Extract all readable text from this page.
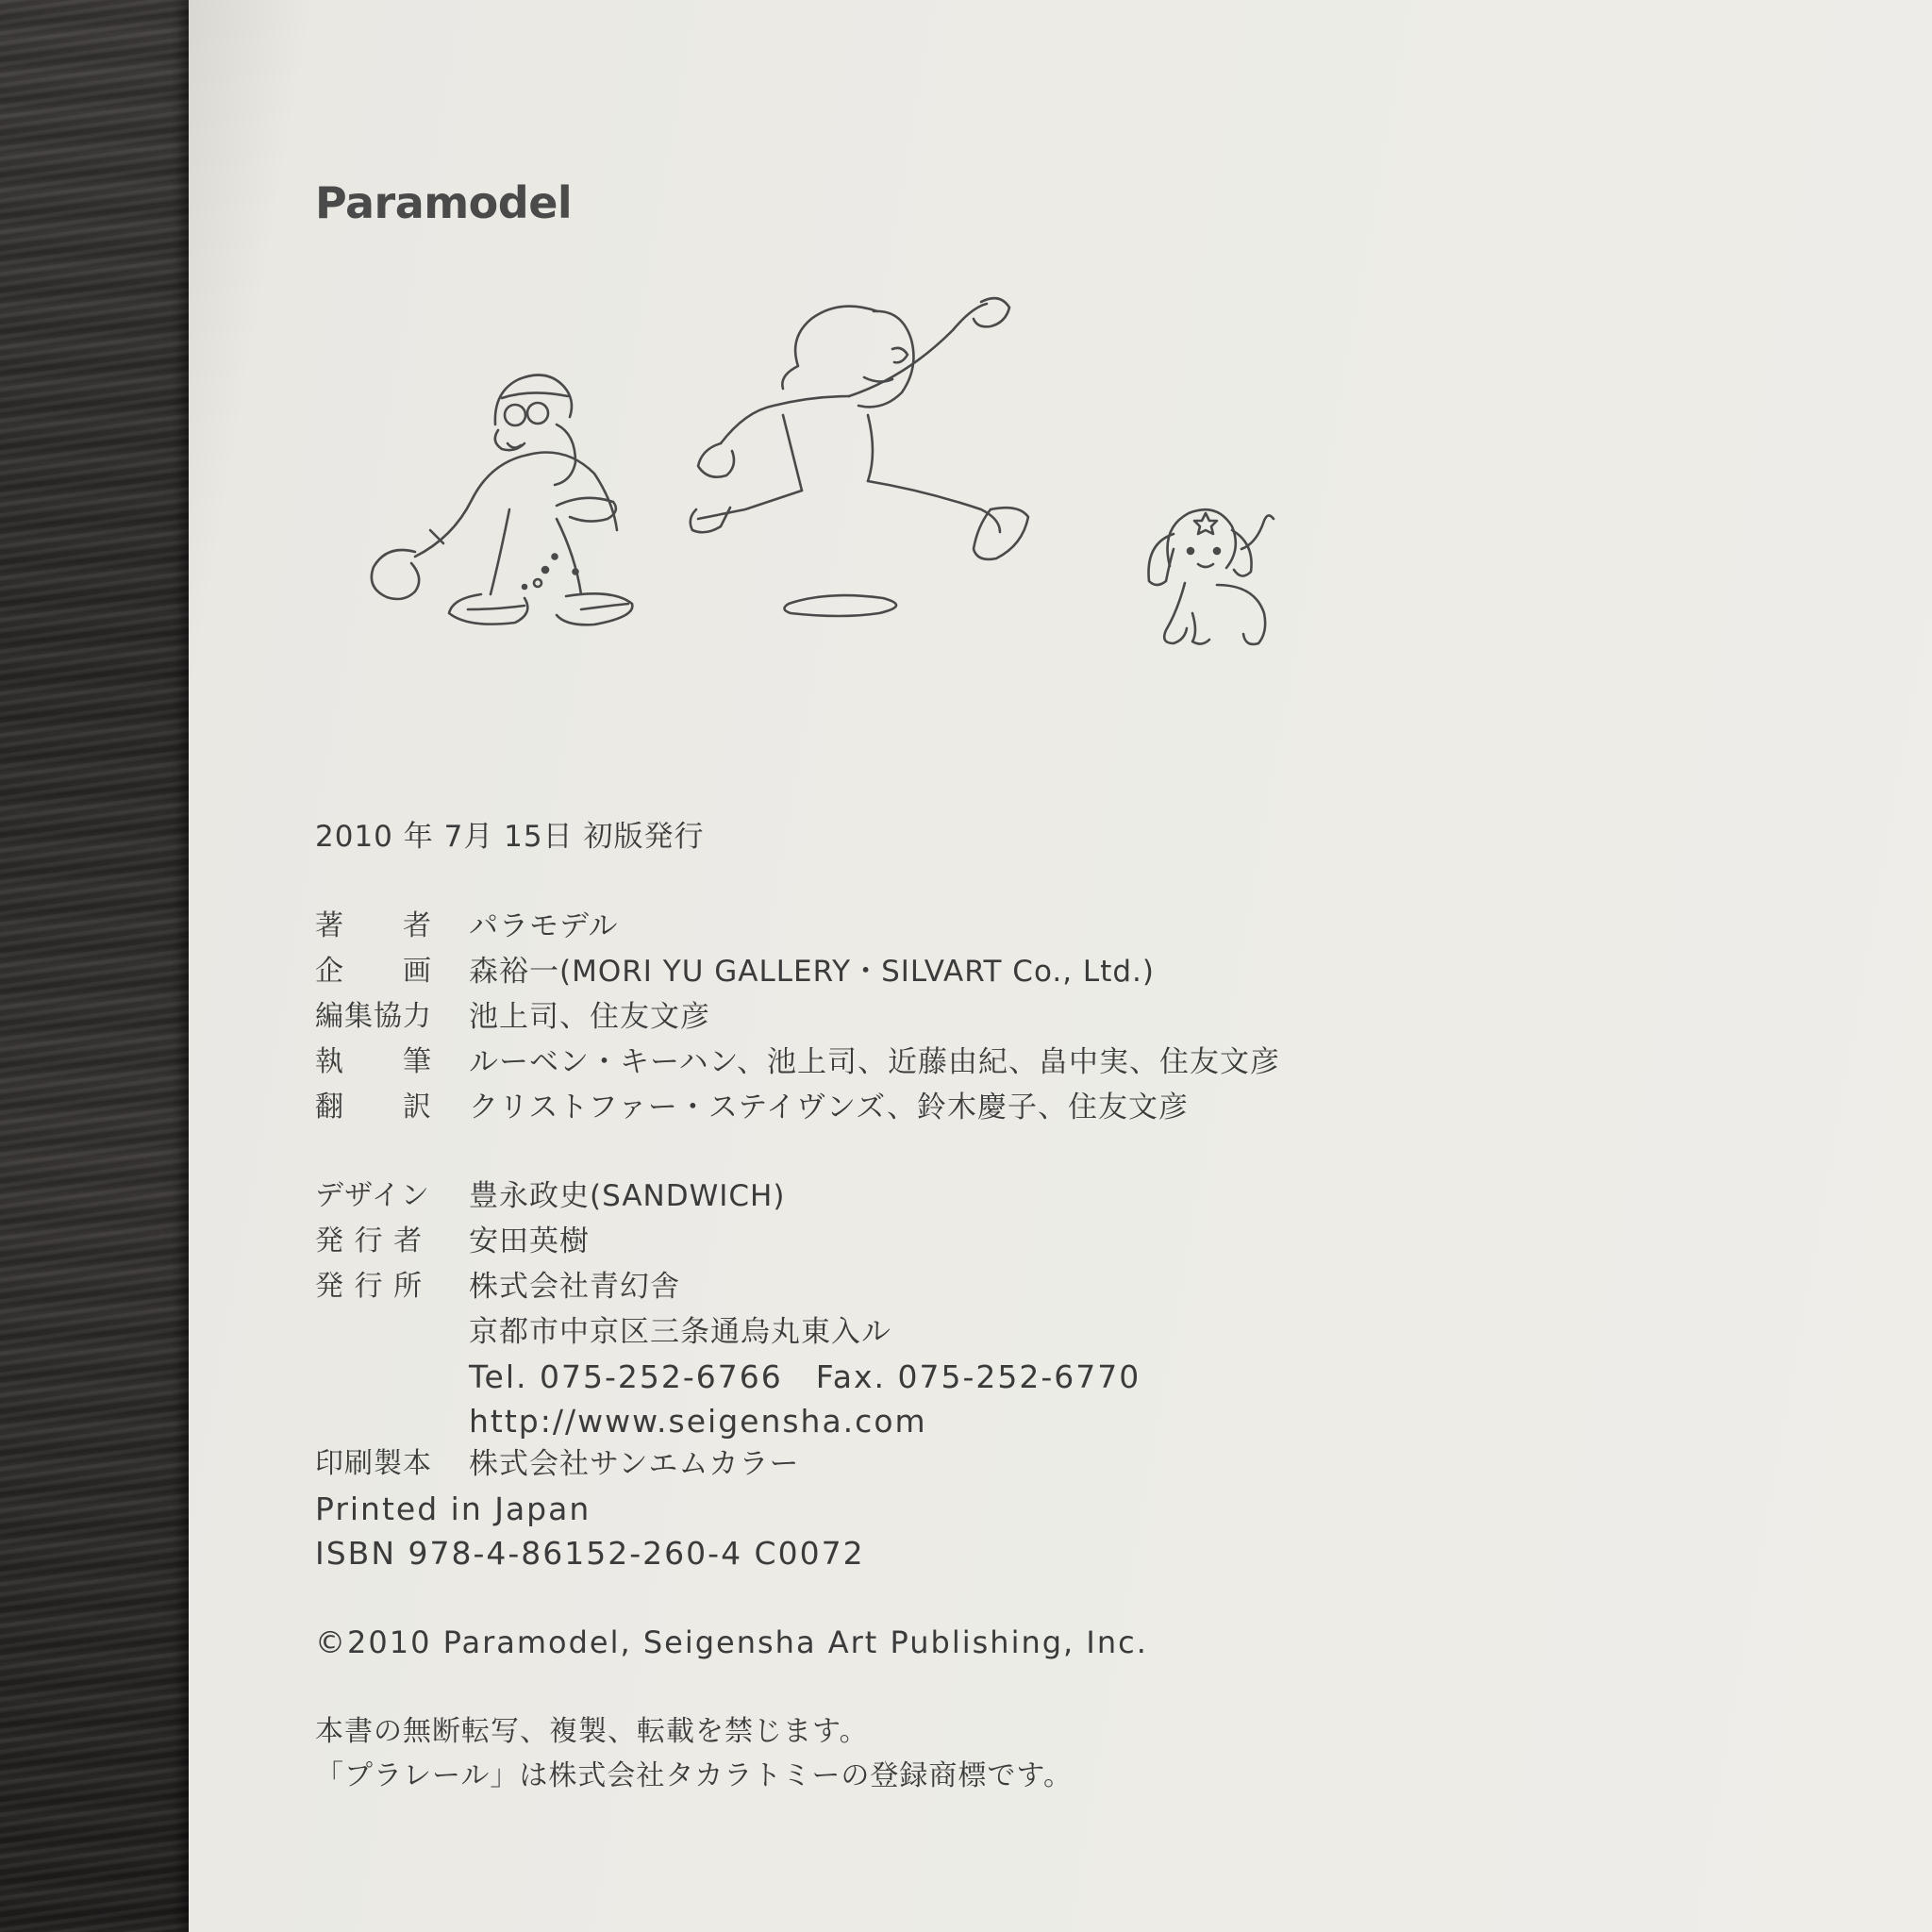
Paramodel
2010 年 7月 15日 初版発行
著　　者	パラモデル
企　　画	森裕一(MORI YU GALLERY・SILVART Co., Ltd.)
編集協力	池上司、住友文彦
執　　筆	ルーベン・キーハン、池上司、近藤由紀、畠中実、住友文彦
翻　　訳	クリストファー・ステイヴンズ、鈴木慶子、住友文彦
デザイン	豊永政史(SANDWICH)
発 行 者	安田英樹
発 行 所	株式会社青幻舎
京都市中京区三条通烏丸東入ル
Tel. 075-252-6766　Fax. 075-252-6770
http://www.seigensha.com
印刷製本	株式会社サンエムカラー
Printed in Japan
ISBN 978-4-86152-260-4 C0072
©2010 Paramodel, Seigensha Art Publishing, Inc.
本書の無断転写、複製、転載を禁じます。
「プラレール」は株式会社タカラトミーの登録商標です。
